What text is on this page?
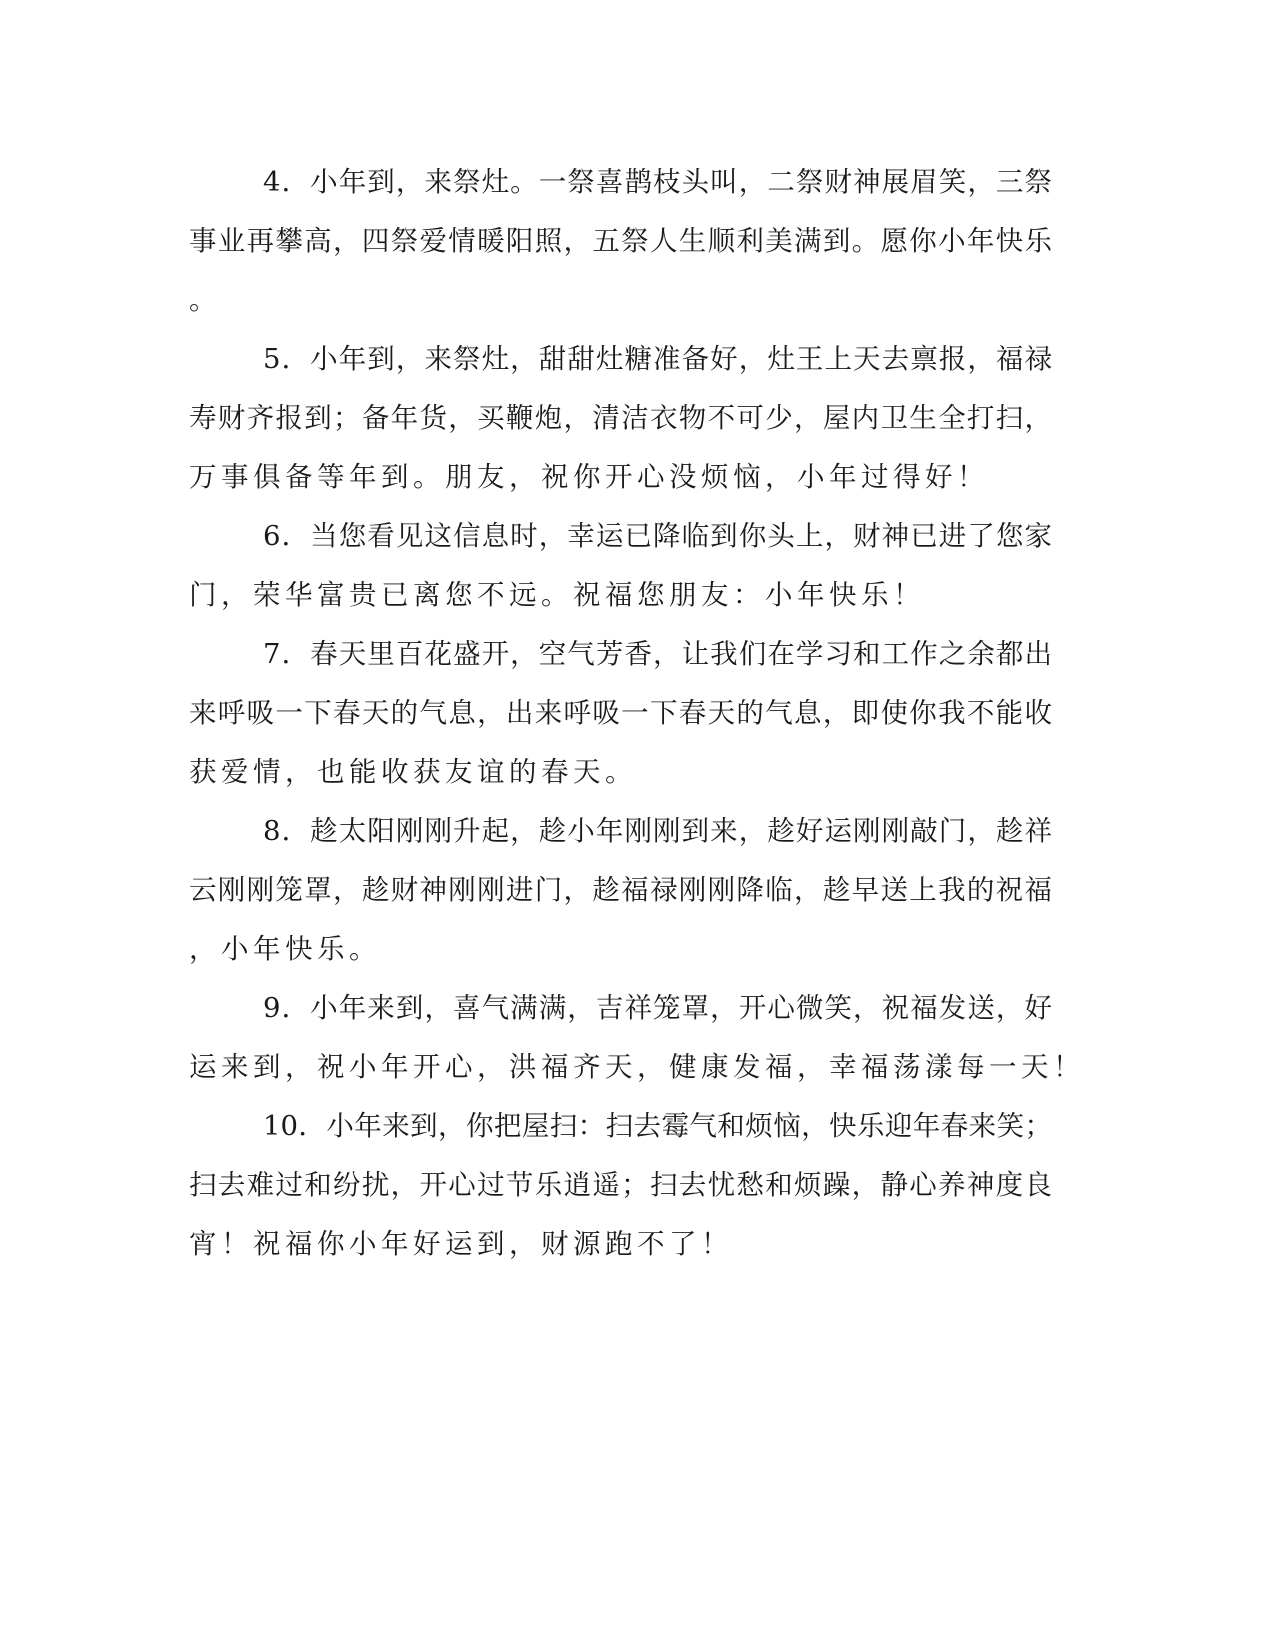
4．小年到，来祭灶。一祭喜鹊枝头叫，二祭财神展眉笑，三祭
事业再攀高，四祭爱情暖阳照，五祭人生顺利美满到。愿你小年快乐
。
5．小年到，来祭灶，甜甜灶糖准备好，灶王上天去禀报，福禄
寿财齐报到；备年货，买鞭炮，清洁衣物不可少，屋内卫生全打扫，
万事俱备等年到。朋友，祝你开心没烦恼，小年过得好！
6．当您看见这信息时，幸运已降临到你头上，财神已进了您家
门，荣华富贵已离您不远。祝福您朋友：小年快乐！
7．春天里百花盛开，空气芳香，让我们在学习和工作之余都出
来呼吸一下春天的气息，出来呼吸一下春天的气息，即使你我不能收
获爱情，也能收获友谊的春天。
8．趁太阳刚刚升起，趁小年刚刚到来，趁好运刚刚敲门，趁祥
云刚刚笼罩，趁财神刚刚进门，趁福禄刚刚降临，趁早送上我的祝福
，小年快乐。
9．小年来到，喜气满满，吉祥笼罩，开心微笑，祝福发送，好
运来到，祝小年开心，洪福齐天，健康发福，幸福荡漾每一天！
10．小年来到，你把屋扫：扫去霉气和烦恼，快乐迎年春来笑；
扫去难过和纷扰，开心过节乐逍遥；扫去忧愁和烦躁，静心养神度良
宵！祝福你小年好运到，财源跑不了！
